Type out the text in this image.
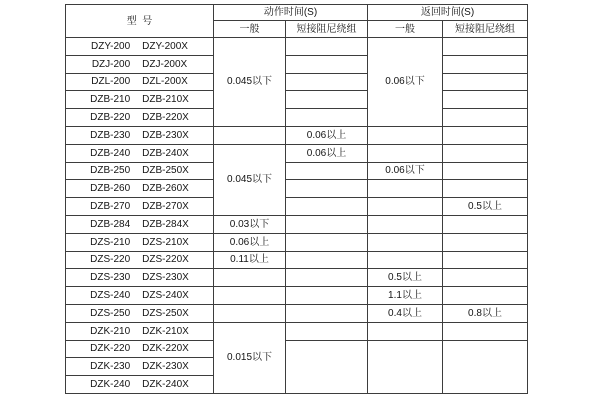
型  号	动作时间(S)		返回时间(S)	
	一般	短接阻尼绕组	一般	短接阻尼绕组

DZY-200 DZY-200X	0.045以下		0.06以下	

DZJ-200 DZJ-200X				

DZL-200 DZL-200X				

DZB-210 DZB-210X				

DZB-220 DZB-220X				

DZB-230 DZB-230X		0.06以上		

DZB-240 DZB-240X	0.045以下	0.06以上		

DZB-250 DZB-250X			0.06以下	

DZB-260 DZB-260X				

DZB-270 DZB-270X				0.5以上

DZB-284 DZB-284X	0.03以下			

DZS-210 DZS-210X	0.06以上			

DZS-220 DZS-220X	0.11以上			

DZS-230 DZS-230X			0.5以上	

DZS-240 DZS-240X			1.1以上	

DZS-250 DZS-250X			0.4以上	0.8以上

DZK-210 DZK-210X	0.015以下			

DZK-220 DZK-220X				

DZK-230 DZK-230X				

DZK-240 DZK-240X				
